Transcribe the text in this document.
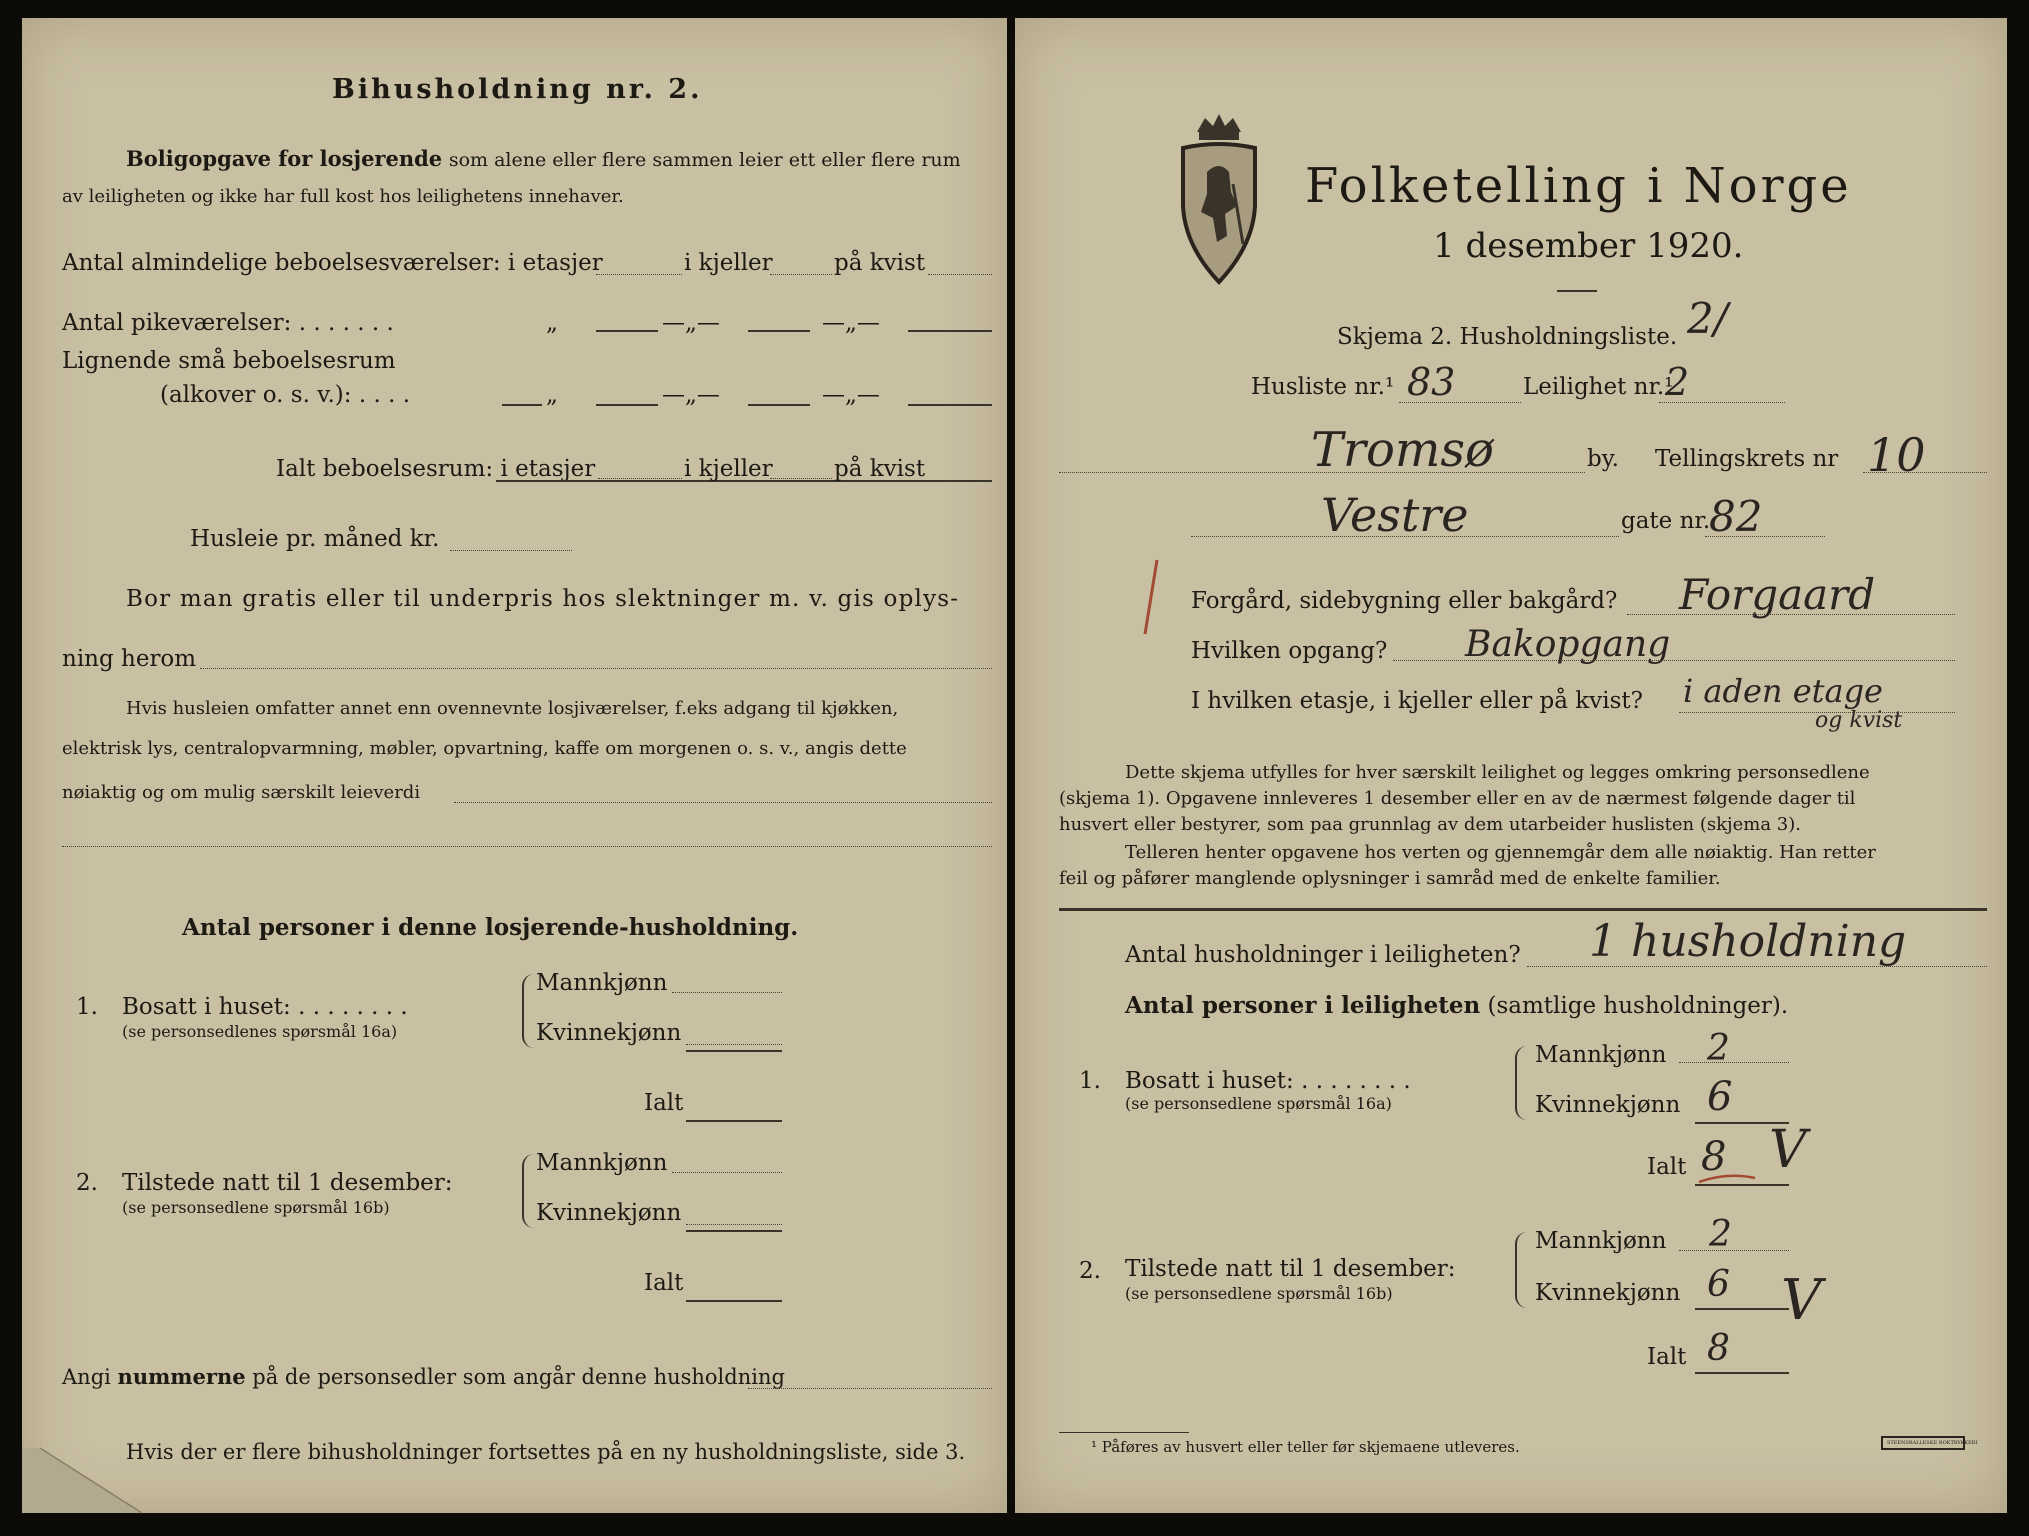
Bihusholdning nr. 2.
Boligopgave for losjerende som alene eller flere sammen leier ett eller flere rum
av leiligheten og ikke har full kost hos leilighetens innehaver.
Antal almindelige beboelsesværelser: i etasjer	i kjeller	på kvist
Antal pikeværelser: . . . . . . .	„	—„—	—„—
Lignende små beboelsesrum
(alkover o. s. v.): . . . .	„	—„—	—„—
Ialt beboelsesrum: i etasjer	i kjeller	på kvist
Husleie pr. måned kr.
Bor man gratis eller til underpris hos slektninger m. v. gis oplys-
ning herom
Hvis husleien omfatter annet enn ovennevnte losjiværelser, f.eks adgang til kjøkken,
elektrisk lys, centralopvarmning, møbler, opvartning, kaffe om morgenen o. s. v., angis dette
nøiaktig og om mulig særskilt leieverdi
Antal personer i denne losjerende-husholdning.
1. Bosatt i huset: . . . . . . . .
(se personsedlenes spørsmål 16a)
Mannkjønn
Kvinnekjønn
Ialt
2. Tilstede natt til 1 desember:
(se personsedlene spørsmål 16b)
Mannkjønn
Kvinnekjønn
Ialt
Angi nummerne på de personsedler som angår denne husholdning
Hvis der er flere bihusholdninger fortsettes på en ny husholdningsliste, side 3.
Folketelling i Norge
1 desember 1920.
Skjema 2. Husholdningsliste. 2/
Husliste nr.¹ 83	Leilighet nr.¹
2
Tromsø	by. Tellingskrets nr 10
Vestre	gate nr.
82
Forgård, sidebygning eller bakgård? Forgaard
Hvilken opgang? Bakopgang
I hvilken etasje, i kjeller eller på kvist? i aden etage
og kvist
Dette skjema utfylles for hver særskilt leilighet og legges omkring personsedlene
(skjema 1). Opgavene innleveres 1 desember eller en av de nærmest følgende dager til
husvert eller bestyrer, som paa grunnlag av dem utarbeider huslisten (skjema 3).
Telleren henter opgavene hos verten og gjennemgår dem alle nøiaktig. Han retter
feil og påfører manglende oplysninger i samråd med de enkelte familier.
Antal husholdninger i leiligheten? 1 husholdning
Antal personer i leiligheten (samtlige husholdninger).
1. Bosatt i huset: . . . . . . . .
(se personsedlene spørsmål 16a)
Mannkjønn 2
Kvinnekjønn 6
Ialt 8 V
2. Tilstede natt til 1 desember:
(se personsedlene spørsmål 16b)
Mannkjønn 2
Kvinnekjønn 6 V
Ialt 8
¹ Påføres av husvert eller teller før skjemaene utleveres.	STEENSBALLESKE BOKTRYKKERI
